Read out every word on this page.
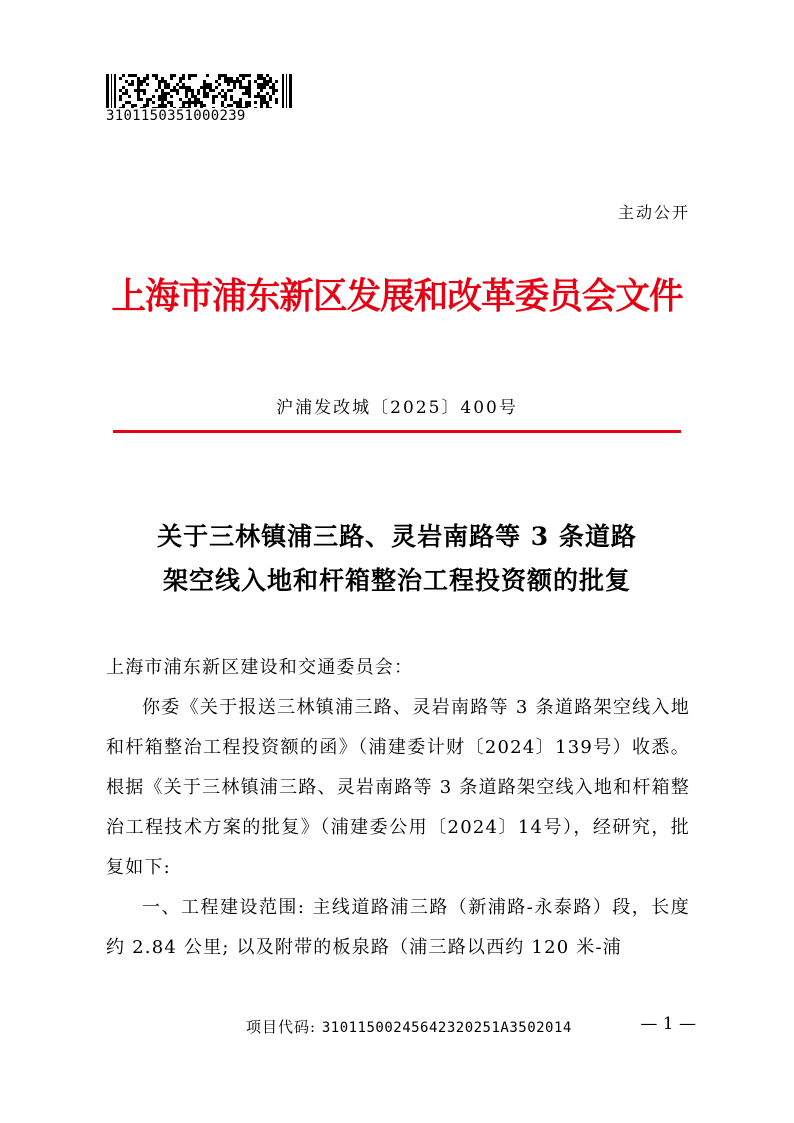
3101150351000239
主动公开
上海市浦东新区发展和改革委员会文件
沪浦发改城〔2025〕400号
关于三林镇浦三路、灵岩南路等 3 条道路
架空线入地和杆箱整治工程投资额的批复

上海市浦东新区建设和交通委员会：

你委《关于报送三林镇浦三路、灵岩南路等 3 条道路架空线入地和杆箱整治工程投资额的函》（浦建委计财〔2024〕139号）收悉。根据《关于三林镇浦三路、灵岩南路等 3 条道路架空线入地和杆箱整治工程技术方案的批复》（浦建委公用〔2024〕14号），经研究，批复如下:

一、工程建设范围: 主线道路浦三路（新浦路-永泰路）段，长度约 2.84 公里; 以及附带的板泉路（浦三路以西约 120 米-浦

项目代码: 31011500245642320251A3502014	— 1 —
